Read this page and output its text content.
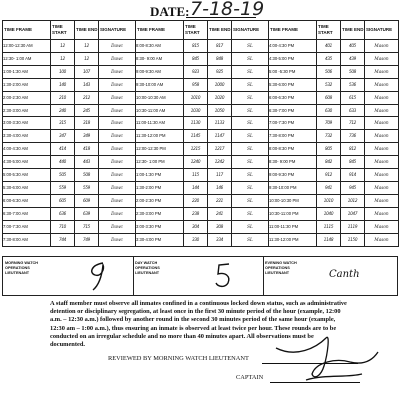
DATE: 7-18-19
TIME FRAME	TIME START	TIME END	SIGNATURE	TIME FRAME	TIME START	TIME END	SIGNATURE	TIME FRAME	TIME START	TIME END	SIGNATURE
12:00-12:30 AM	12	12	Dawc	8:00-8:30 AM	815	817	SL	4:00-4:30 PM	401	405	Mason
12:30- 1:00 AM	12	12	Dawc	8:30- 9:00 AM	845	848	SL	4:30-5:00 PM	435	439	Mason
1:00-1:30 AM	100	107	Dawc	9:00-9:30 AM	923	925	SL	5:00 -5:30 PM	506	508	Mason
1:30-2:00 AM	140	143	Dawc	9:30-10:00 AM	958	1000	SL	5:30-6:00 PM	532	536	Mason
2:00-2:30 AM	210	212	Dawc	10:00-10:30 AM	1010	1020	SL	6:00-6:30 PM	608	615	Mason
2:30-3:00 AM	240	245	Dawc	10:30-11:00 AM	1030	1050	SL	6:30-7:00 PM	630	633	Mason
3:00-3:30 AM	315	318	Dawc	11:00-11:30 AM	1130	1133	SL	7:00-7:30 PM	709	712	Mason
3:30-4:00 AM	347	349	Dawc	11:30-12:00 PM	1145	1147	SL	7:30-8:00 PM	732	736	Mason
4:00-4:30 AM	414	418	Dawc	12:00-12:30 PM	1215	1217	SL	8:00-8:30 PM	805	812	Mason
4:30-5:00 AM	440	443	Dawc	12:30- 1:00 PM	1240	1242	SL	8:30- 9:00 PM	842	845	Mason
5:00-5:30 AM	505	508	Dawc	1:00-1:30 PM	115	117	SL	9:00-9:30 PM	912	914	Mason
5:30-6:00 AM	559	559	Dawc	1:30-2:00 PM	144	146	SL	9:30-10:00 PM	941	945	Mason
6:00-6:30 AM	605	609	Dawc	2:00-2:30 PM	220	221	SL	10:00-10:30 PM	1010	1012	Mason
6:30-7:00 AM	636	639	Dawc	2:30-3:00 PM	238	241	SL	10:30-11:00 PM	1040	1047	Mason
7:00-7:30 AM	710	715	Dawc	3:00-3:30 PM	304	308	SL	11:00-11:30 PM	1115	1119	Mason
7:30-8:00 AM	744	749	Dawc	3:30-4:00 PM	330	334	SL	11:30-12:00 PM	1148	1150	Mason
MORNING WATCH OPERATIONS LIEUTENANT
DAY WATCH OPERATIONS LIEUTENANT
EVENING WATCH OPERATIONS LIEUTENANT	Canth
A staff member must observe all inmates confined in a continuous locked down status, such as administrative detention or disciplinary segregation, at least once in the first 30 minute period of the hour (example, 12:00 a.m. – 12:30 a.m.) followed by another round in the second 30 minutes period of the same hour (example, 12:30 am – 1:00 a.m.), thus ensuring an inmate is observed at least twice per hour. These rounds are to be conducted on an irregular schedule and no more than 40 minutes apart. All observations must be documented.
REVIEWED BY MORNING WATCH LIEUTENANT
CAPTAIN
